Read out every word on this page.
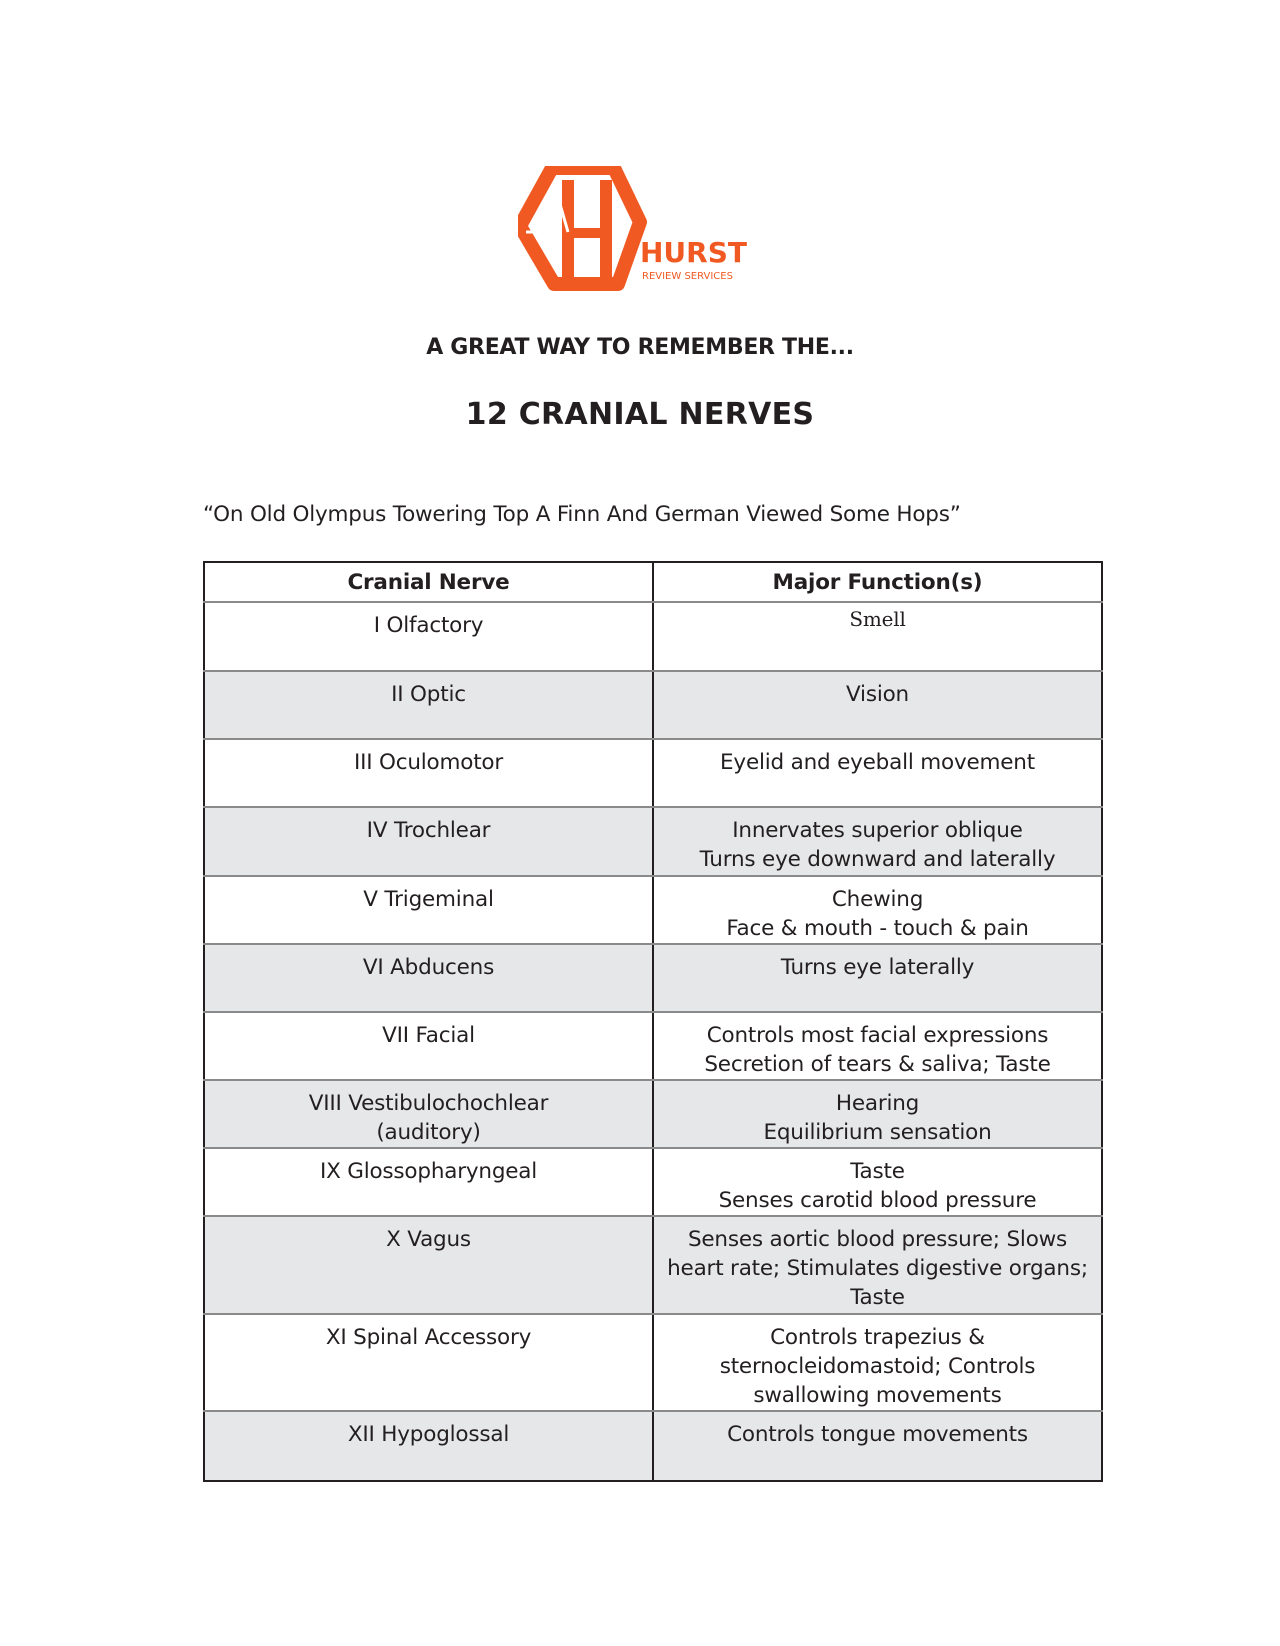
HURST
REVIEW SERVICES
A GREAT WAY TO REMEMBER THE...
12 CRANIAL NERVES
“On Old Olympus Towering Top A Finn And German Viewed Some Hops”
Cranial Nerve	Major Function(s)

I Olfactory	Smell

II Optic	Vision

III Oculomotor	Eyelid and eyeball movement

IV Trochlear	Innervates superior oblique
Turns eye downward and laterally

V Trigeminal	Chewing
Face & mouth - touch & pain

VI Abducens	Turns eye laterally

VII Facial	Controls most facial expressions
Secretion of tears & saliva; Taste

VIII Vestibulochochlear
(auditory)	Hearing
Equilibrium sensation

IX Glossopharyngeal	Taste
Senses carotid blood pressure

X Vagus	Senses aortic blood pressure; Slows
heart rate; Stimulates digestive organs;
Taste

XI Spinal Accessory	Controls trapezius &
sternocleidomastoid; Controls
swallowing movements

XII Hypoglossal	Controls tongue movements
